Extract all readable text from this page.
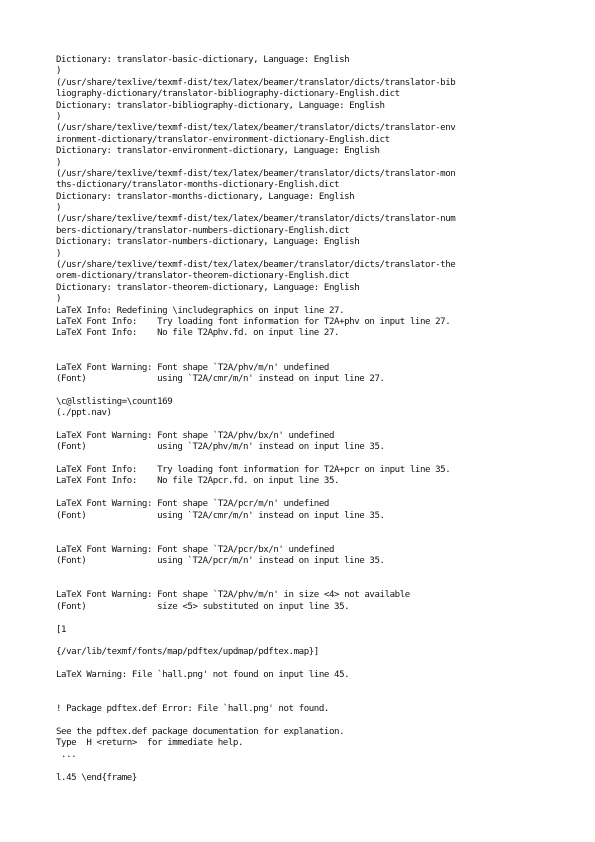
Dictionary: translator-basic-dictionary, Language: English
)
(/usr/share/texlive/texmf-dist/tex/latex/beamer/translator/dicts/translator-bib
liography-dictionary/translator-bibliography-dictionary-English.dict
Dictionary: translator-bibliography-dictionary, Language: English
)
(/usr/share/texlive/texmf-dist/tex/latex/beamer/translator/dicts/translator-env
ironment-dictionary/translator-environment-dictionary-English.dict
Dictionary: translator-environment-dictionary, Language: English
)
(/usr/share/texlive/texmf-dist/tex/latex/beamer/translator/dicts/translator-mon
ths-dictionary/translator-months-dictionary-English.dict
Dictionary: translator-months-dictionary, Language: English
)
(/usr/share/texlive/texmf-dist/tex/latex/beamer/translator/dicts/translator-num
bers-dictionary/translator-numbers-dictionary-English.dict
Dictionary: translator-numbers-dictionary, Language: English
)
(/usr/share/texlive/texmf-dist/tex/latex/beamer/translator/dicts/translator-the
orem-dictionary/translator-theorem-dictionary-English.dict
Dictionary: translator-theorem-dictionary, Language: English
)
LaTeX Info: Redefining \includegraphics on input line 27.
LaTeX Font Info:    Try loading font information for T2A+phv on input line 27.
LaTeX Font Info:    No file T2Aphv.fd. on input line 27.
LaTeX Font Warning: Font shape `T2A/phv/m/n' undefined
(Font)              using `T2A/cmr/m/n' instead on input line 27.
\c@lstlisting=\count169
(./ppt.nav)
LaTeX Font Warning: Font shape `T2A/phv/bx/n' undefined
(Font)              using `T2A/phv/m/n' instead on input line 35.
LaTeX Font Info:    Try loading font information for T2A+pcr on input line 35.
LaTeX Font Info:    No file T2Apcr.fd. on input line 35.
LaTeX Font Warning: Font shape `T2A/pcr/m/n' undefined
(Font)              using `T2A/cmr/m/n' instead on input line 35.
LaTeX Font Warning: Font shape `T2A/pcr/bx/n' undefined
(Font)              using `T2A/pcr/m/n' instead on input line 35.
LaTeX Font Warning: Font shape `T2A/phv/m/n' in size <4> not available
(Font)              size <5> substituted on input line 35.
[1
{/var/lib/texmf/fonts/map/pdftex/updmap/pdftex.map}]
LaTeX Warning: File `hall.png' not found on input line 45.
! Package pdftex.def Error: File `hall.png' not found.
See the pdftex.def package documentation for explanation.
Type  H <return>  for immediate help.
...
l.45 \end{frame}
